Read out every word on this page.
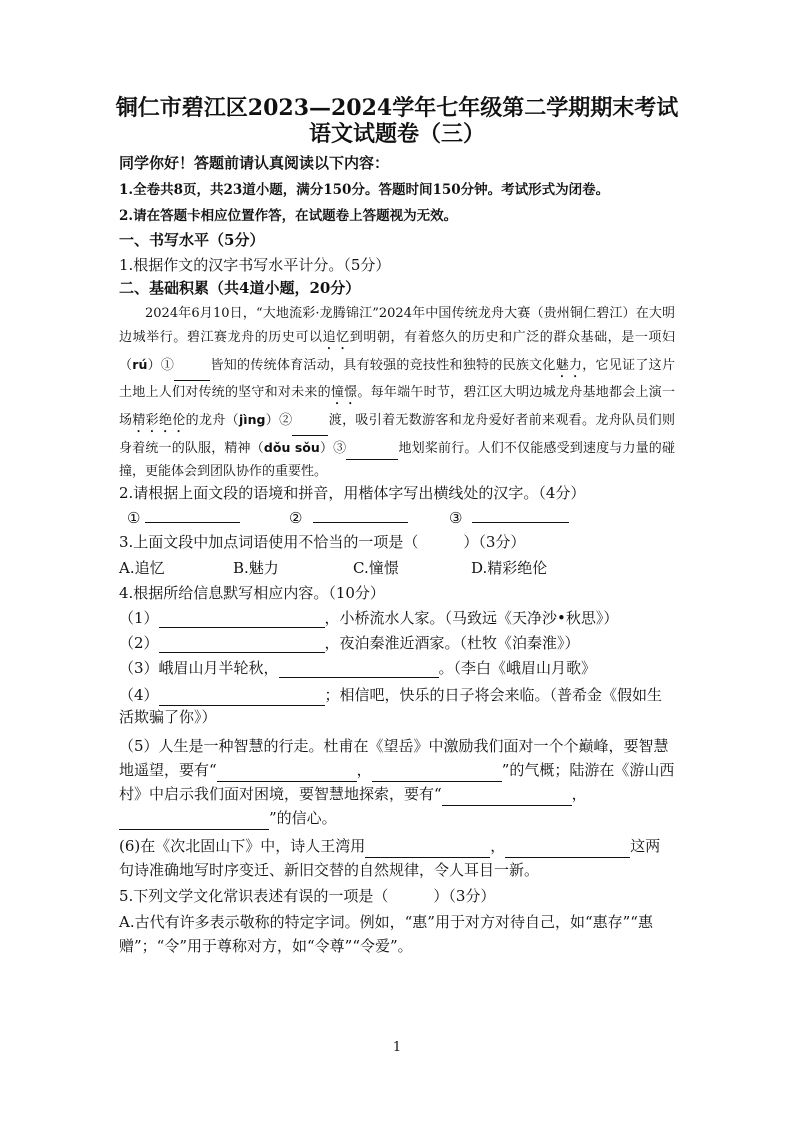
铜仁市碧江区2023—2024学年七年级第二学期期末考试
语文试题卷（三）
同学你好！答题前请认真阅读以下内容：
1.全卷共8页，共23道小题，满分150分。答题时间150分钟。考试形式为闭卷。
2.请在答题卡相应位置作答，在试题卷上答题视为无效。
一、书写水平（5分）
1.根据作文的汉字书写水平计分。（5分）
二、基础积累（共4道小题，20分）

2024年6月10日，“大地流彩·龙腾锦江”2024年中国传统龙舟大赛（贵州铜仁碧江）在大明边城举行。碧江赛龙舟的历史可以追忆到明朝，有着悠久的历史和广泛的群众基础，是一项妇（rú）①	皆知的传统体育活动，具有较强的竞技性和独特的民族文化魅力，它见证了这片土地上人们对传统的坚守和对未来的憧憬。每年端午时节，碧江区大明边城龙舟基地都会上演一场精彩绝伦的龙舟（jìng）②	渡，吸引着无数游客和龙舟爱好者前来观看。龙舟队员们则身着统一的队服，精神（dǒu sǒu）③	地划桨前行。人们不仅能感受到速度与力量的碰撞，更能体会到团队协作的重要性。

2.请根据上面文段的语境和拼音，用楷体字写出横线处的汉字。（4分）
①	②	③
3.上面文段中加点词语使用不恰当的一项是（　　　）（3分）
A.追忆	B.魅力	C.憧憬	D.精彩绝伦
4.根据所给信息默写相应内容。（10分）
（1）	，小桥流水人家。（马致远《天净沙•秋思》）
（2）	，夜泊秦淮近酒家。（杜牧《泊秦淮》）
（3）峨眉山月半轮秋，	。（李白《峨眉山月歌》
（4）	；相信吧，快乐的日子将会来临。（普希金《假如生活欺骗了你》）
（5）人生是一种智慧的行走。杜甫在《望岳》中激励我们面对一个个巅峰，要智慧地遥望，要有“	，	”的气概；陆游在《游山西村》中启示我们面对困境，要智慧地探索，要有“	，”的信心。
(6)在《次北固山下》中，诗人王湾用	，	这两句诗准确地写时序变迁、新旧交替的自然规律，令人耳目一新。
5.下列文学文化常识表述有误的一项是（　　　）（3分）
A.古代有许多表示敬称的特定字词。例如，“惠”用于对方对待自己，如“惠存”“惠赠”；“令”用于尊称对方，如“令尊”“令爱”。
1
